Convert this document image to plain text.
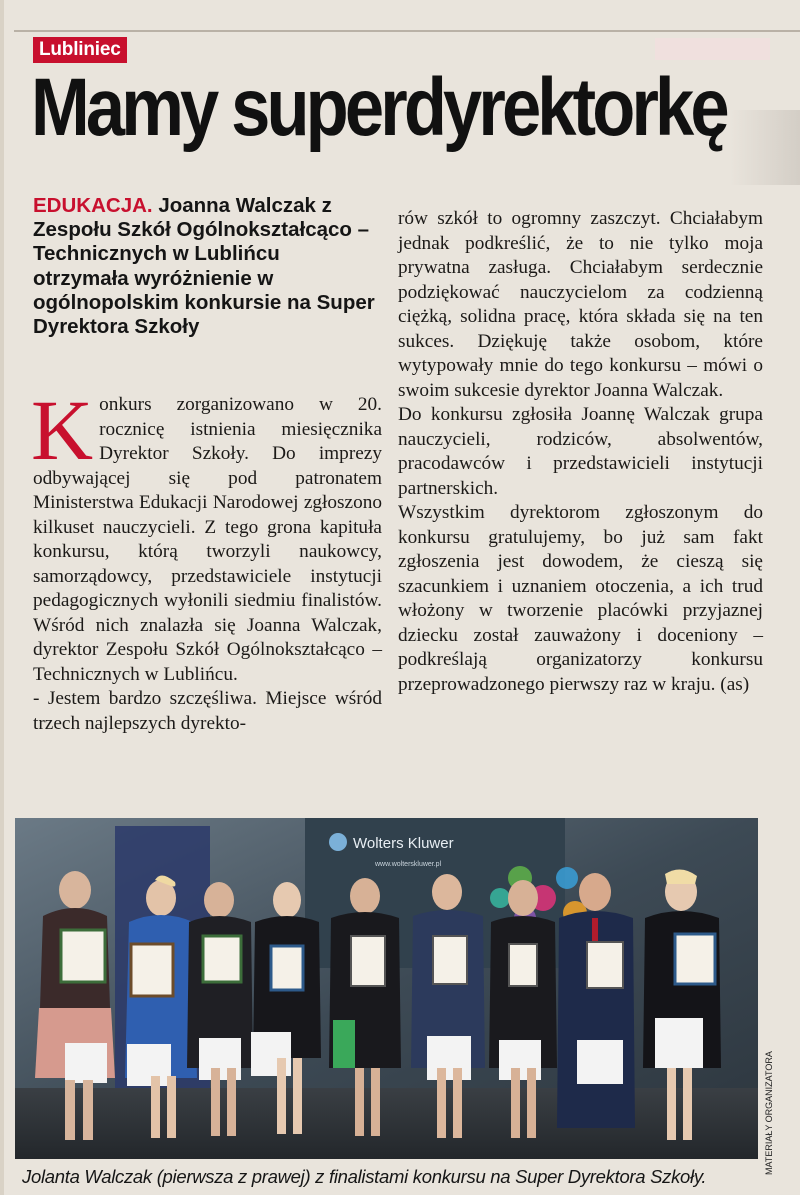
Lubliniec
Mamy superdyrektorkę
EDUKACJA. Joanna Walczak z Zespołu Szkół Ogólnokształcąco – Technicznych w Lublińcu otrzymała wyróżnienie w ogólnopolskim konkursie na Super Dyrektora Szkoły

Konkurs zorganizowano w 20. rocznicę istnienia miesięcznika Dyrektor Szkoły. Do imprezy odbywającej się pod patronatem Ministerstwa Edukacji Narodowej zgłoszono kilkuset nauczycieli. Z tego grona kapituła konkursu, którą tworzyli naukowcy, samorządowcy, przedstawiciele instytucji pedagogicznych wyłonili siedmiu finalistów. Wśród nich znalazła się Joanna Walczak, dyrektor Zespołu Szkół Ogólnokształcąco – Technicznych w Lublińcu.

- Jestem bardzo szczęśliwa. Miejsce wśród trzech najlepszych dyrekto-

rów szkół to ogromny zaszczyt. Chciałabym jednak podkreślić, że to nie tylko moja prywatna zasługa. Chciałabym serdecznie podziękować nauczycielom za codzienną ciężką, solidna pracę, która składa się na ten sukces. Dziękuję także osobom, które wytypowały mnie do tego konkursu – mówi o swoim sukcesie dyrektor Joanna Walczak.

Do konkursu zgłosiła Joannę Walczak grupa nauczycieli, rodziców, absolwentów, pracodawców i przedstawicieli instytucji partnerskich.

Wszystkim dyrektorom zgłoszonym do konkursu gratulujemy, bo już sam fakt zgłoszenia jest dowodem, że cieszą się szacunkiem i uznaniem otoczenia, a ich trud włożony w tworzenie placówki przyjaznej dziecku został zauważony i doceniony – podkreślają organizatorzy konkursu przeprowadzonego pierwszy raz w kraju. (as)

Wolters Kluwer
www.wolterskluwer.pl
MATERIAŁY ORGANIZATORA
Jolanta Walczak (pierwsza z prawej) z finalistami konkursu na Super Dyrektora Szkoły.
